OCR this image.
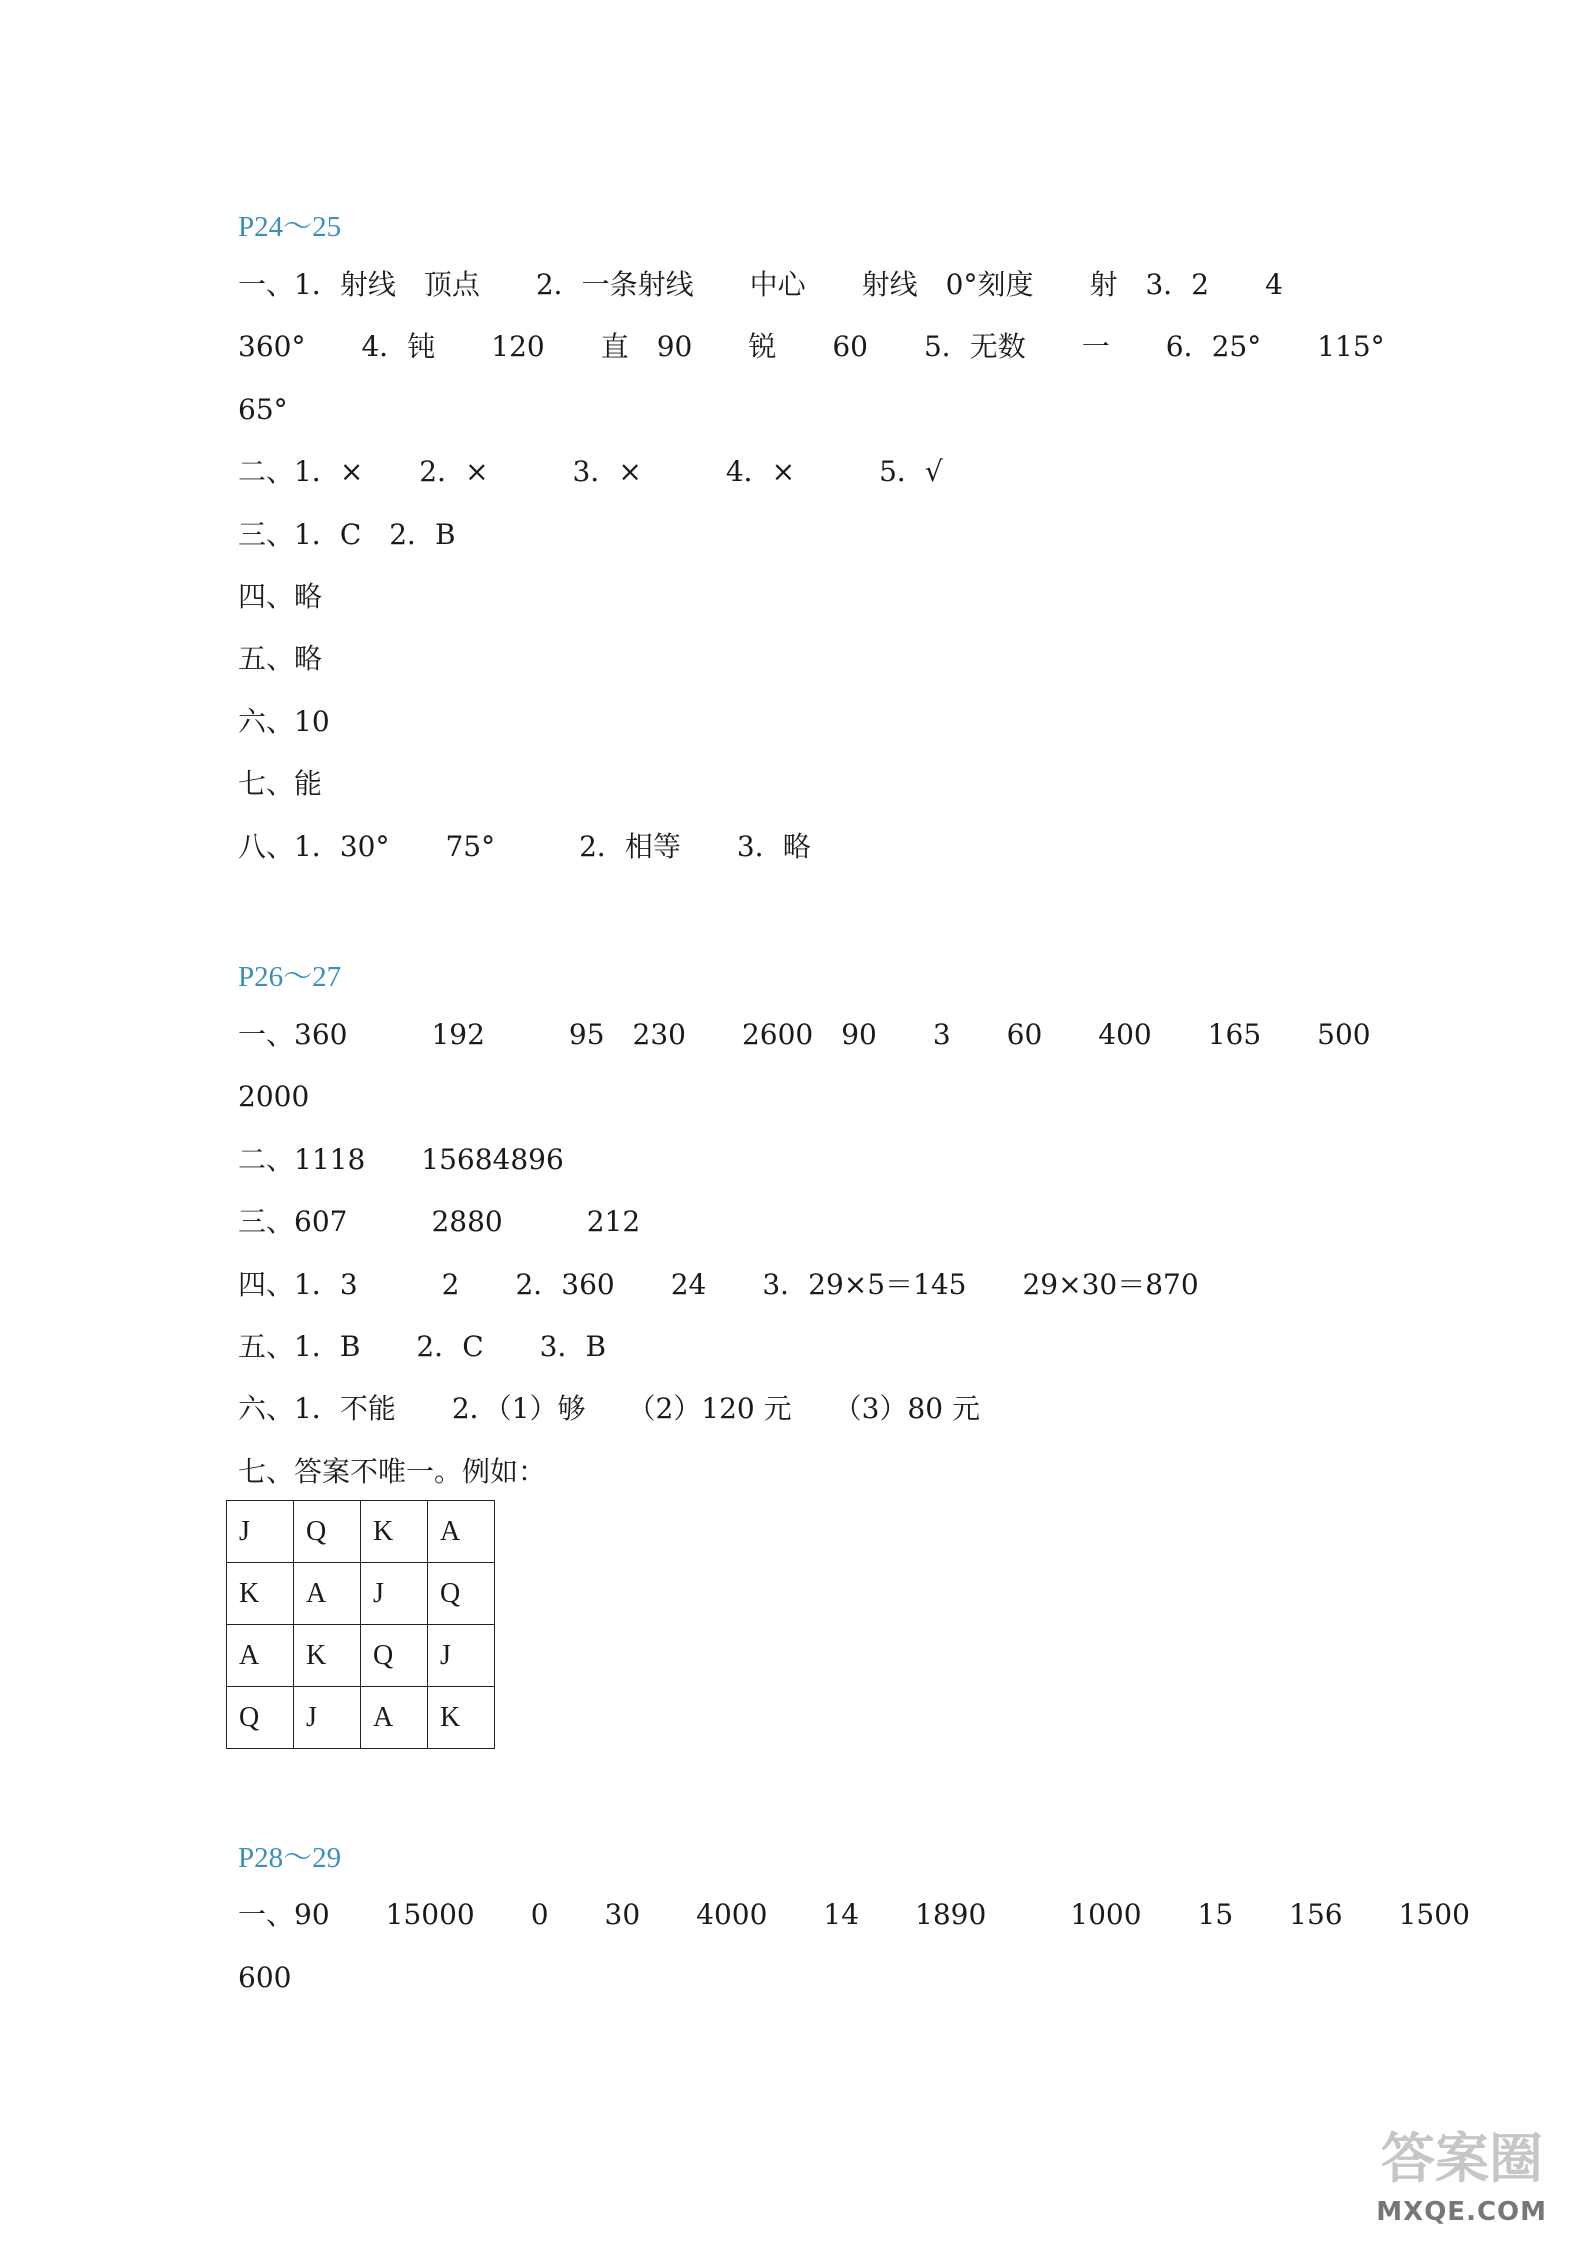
P24～25
一、1．射线　顶点　　2．一条射线　　中心　　射线　0°刻度　　射　3．2　　4
360°　　4．钝　　120　　直　90　　锐　　60　　5．无数　　一　　6．25°　　115°
65°
二、1．×　　2．×　　　3．×　　　4．×　　　5．√
三、1．C　2．B
四、略
五、略
六、10
七、能
八、1．30°　　75°　　　2．相等　　3．略
P26～27
一、360　　　192　　　95　230　　2600　90　　3　　60　　400　　165　　500
2000
二、1118　　15684896
三、607　　　2880　　　212
四、1．3　　　2　　2．360　　24　　3．29×5＝145　　29×30＝870
五、1．B　　2．C　　3．B
六、1．不能　　2．（1）够　　（2）120 元　　（3）80 元
七、答案不唯一。例如：
J	Q	K	A
K	A	J	Q
A	K	Q	J
Q	J	A	K
P28～29
一、90　　15000　　0　　30　　4000　　14　　1890　　　1000　　15　　156　　1500
600
答案圈
MXQE.COM
